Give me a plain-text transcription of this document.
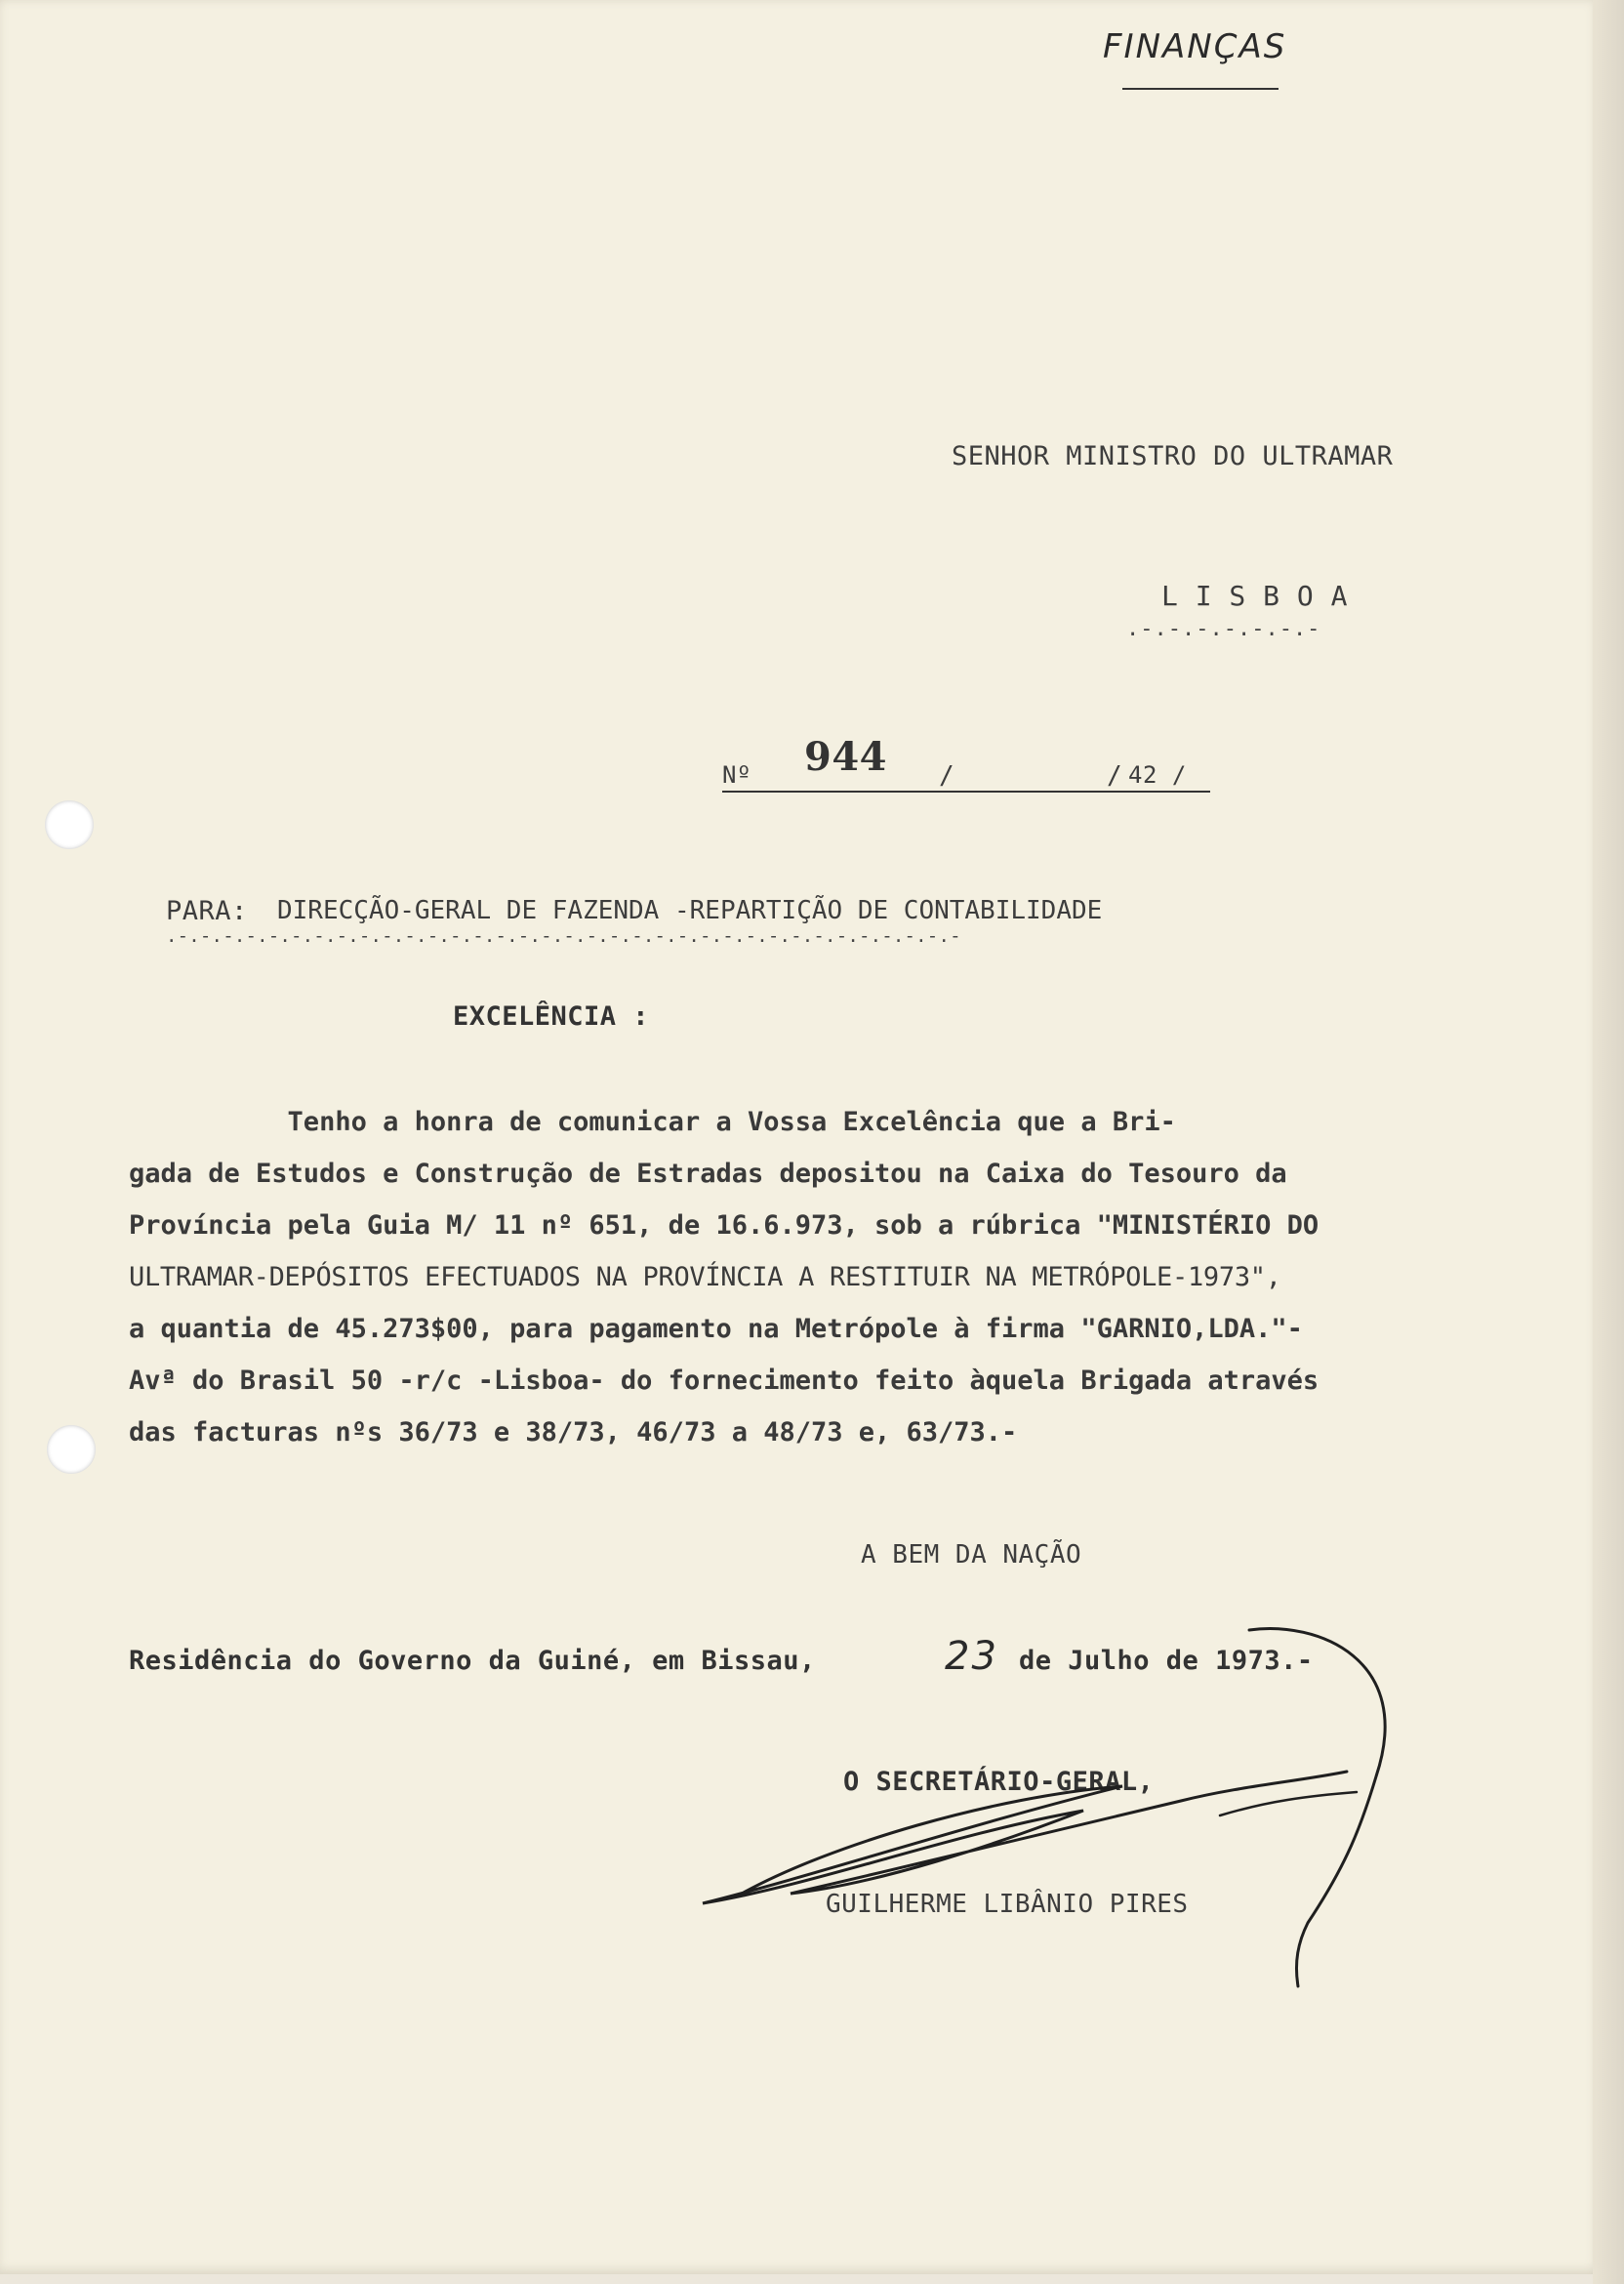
FINANÇAS
SENHOR MINISTRO DO ULTRAMAR
L I S B O A
.-.-.-.-.-.-.-
Nº 944 /	/ 42 /
PARA: DIRECÇÃO-GERAL DE FAZENDA -REPARTIÇÃO DE CONTABILIDADE
.-.-.-.-.-.-.-.-.-.-.-.-.-.-.-.-.-.-.-.-.-.-.-.-.-.-.-.-.-.-.-.-.-.-.-
EXCELÊNCIA :
Tenho a honra de comunicar a Vossa Excelência que a Bri-
gada de Estudos e Construção de Estradas depositou na Caixa do Tesouro da
Província pela Guia M/ 11 nº 651, de 16.6.973, sob a rúbrica "MINISTÉRIO DO
ULTRAMAR-DEPÓSITOS EFECTUADOS NA PROVÍNCIA A RESTITUIR NA METRÓPOLE-1973",
a quantia de 45.273$00, para pagamento na Metrópole à firma "GARNIO,LDA."-
Avª do Brasil 50 -r/c -Lisboa- do fornecimento feito àquela Brigada através
das facturas nºs 36/73 e 38/73, 46/73 a 48/73 e, 63/73.-
A BEM DA NAÇÃO
Residência do Governo da Guiné, em Bissau,	23 de Julho de 1973.-
O SECRETÁRIO-GERAL,
GUILHERME LIBÂNIO PIRES
